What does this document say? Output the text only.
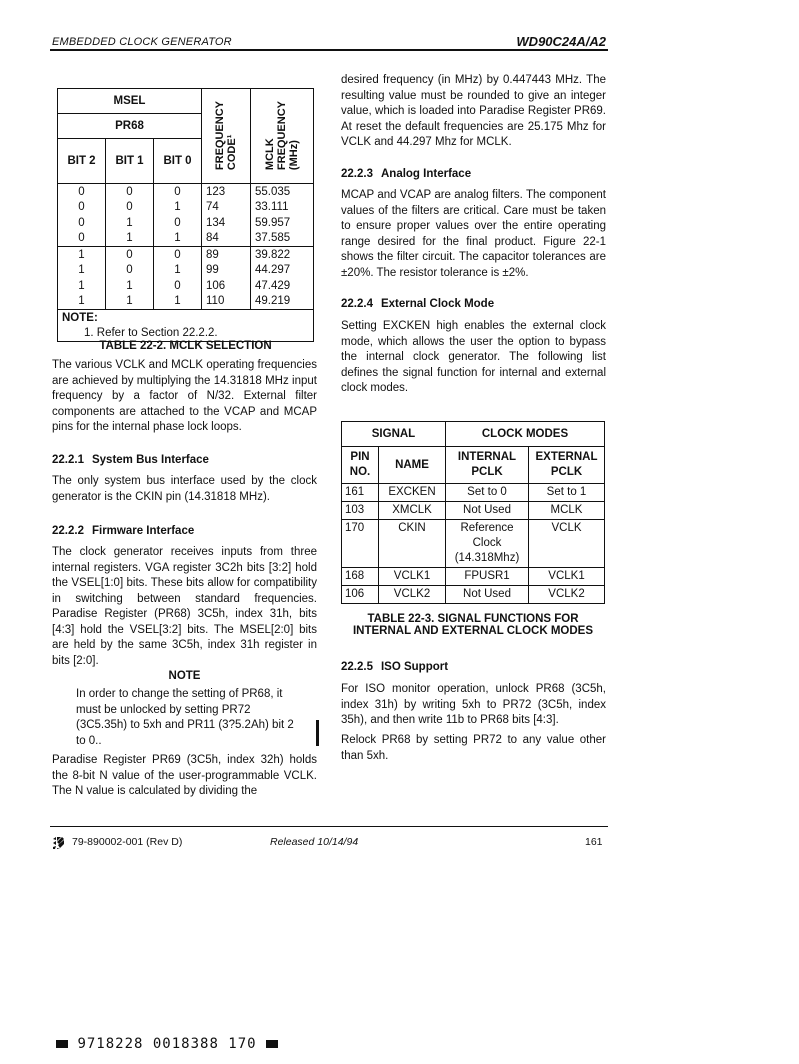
EMBEDDED CLOCK GENERATOR	WD90C24A/A2
MSEL			FREQUENCY
CODE¹	MCLK
FREQUENCY
(MHz)

PR68				
BIT 2	BIT 1	BIT 0		
0	0	0	123	55.035
0	0	1	74	33.111
0	1	0	134	59.957
0	1	1	84	37.585
1	0	0	89	39.822
1	0	1	99	44.297
1	1	0	106	47.429
1	1	1	110	49.219
NOTE:				
1. Refer to Section 22.2.2.				
TABLE 22-2. MCLK SELECTION
The various VCLK and MCLK operating frequencies are achieved by multiplying the 14.31818 MHz input frequency by a factor of N/32. External filter components are attached to the VCAP and MCAP pins for the internal phase lock loops.
22.2.1 System Bus Interface
The only system bus interface used by the clock generator is the CKIN pin (14.31818 MHz).
22.2.2 Firmware Interface
The clock generator receives inputs from three internal registers. VGA register 3C2h bits [3:2] hold the VSEL[1:0] bits. These bits allow for compatibility in switching between standard frequencies. Paradise Register (PR68) 3C5h, index 31h, bits [4:3] hold the VSEL[3:2] bits. The MSEL[2:0] bits are held by the same 3C5h, index 31h register in bits [2:0].
NOTE
In order to change the setting of PR68, it must be unlocked by setting PR72 (3C5.35h) to 5xh and PR11 (3?5.2Ah) bit 2 to 0..
Paradise Register PR69 (3C5h, index 32h) holds the 8-bit N value of the user-programmable VCLK. The N value is calculated by dividing the
desired frequency (in MHz) by 0.447443 MHz. The resulting value must be rounded to give an integer value, which is loaded into Paradise Register PR69. At reset the default frequencies are 25.175 Mhz for VCLK and 44.297 Mhz for MCLK.
22.2.3 Analog Interface
MCAP and VCAP are analog filters. The component values of the filters are critical. Care must be taken to ensure proper values over the entire operating range desired for the final product. Figure 22-1 shows the filter circuit. The capacitor tolerances are ±20%. The resistor tolerance is ±2%.
22.2.4 External Clock Mode
Setting EXCKEN high enables the external clock mode, which allows the user the option to bypass the internal clock generator. The following list defines the signal function for internal and external clock modes.
SIGNAL		CLOCK MODES	
PIN NO.	NAME	INTERNAL PCLK	EXTERNAL PCLK
161	EXCKEN	Set to 0	Set to 1
103	XMCLK	Not Used	MCLK
170	CKIN	Reference Clock (14.318Mhz)	VCLK
168	VCLK1	FPUSR1	VCLK1
106	VCLK2	Not Used	VCLK2
TABLE 22-3. SIGNAL FUNCTIONS FOR
INTERNAL AND EXTERNAL CLOCK MODES
22.2.5 ISO Support
For ISO monitor operation, unlock PR68 (3C5h, index 31h) by writing 5xh to PR72 (3C5h, index 35h), and then write 11b to PR68 bits [4:3].
Relock PR68 by setting PR72 to any value other than 5xh.
79-890002-001 (Rev D)	Released 10/14/94	161
9718228 0018388 170
